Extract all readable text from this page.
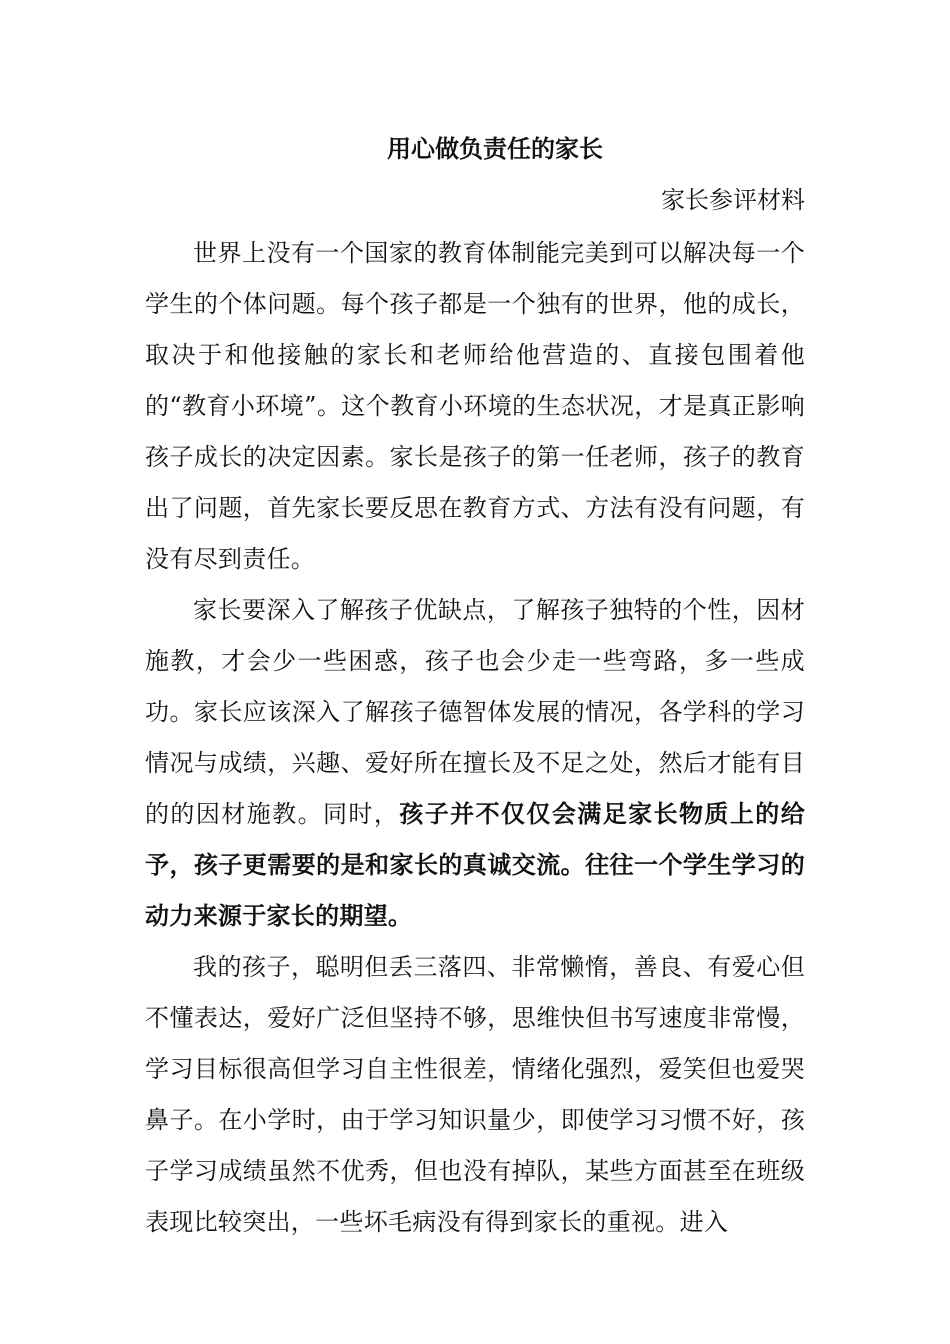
用心做负责任的家长
家长参评材料

世界上没有一个国家的教育体制能完美到可以解决每一个学生的个体问题。每个孩子都是一个独有的世界，他的成长，取决于和他接触的家长和老师给他营造的、直接包围着他的“教育小环境”。这个教育小环境的生态状况，才是真正影响孩子成长的决定因素。家长是孩子的第一任老师，孩子的教育出了问题，首先家长要反思在教育方式、方法有没有问题，有没有尽到责任。

家长要深入了解孩子优缺点，了解孩子独特的个性，因材施教，才会少一些困惑，孩子也会少走一些弯路，多一些成功。家长应该深入了解孩子德智体发展的情况，各学科的学习情况与成绩，兴趣、爱好所在擅长及不足之处，然后才能有目的的因材施教。同时，孩子并不仅仅会满足家长物质上的给予，孩子更需要的是和家长的真诚交流。往往一个学生学习的动力来源于家长的期望。

我的孩子，聪明但丢三落四、非常懒惰，善良、有爱心但不懂表达，爱好广泛但坚持不够，思维快但书写速度非常慢，学习目标很高但学习自主性很差，情绪化强烈，爱笑但也爱哭鼻子。在小学时，由于学习知识量少，即使学习习惯不好，孩子学习成绩虽然不优秀，但也没有掉队，某些方面甚至在班级表现比较突出，一些坏毛病没有得到家长的重视。进入
